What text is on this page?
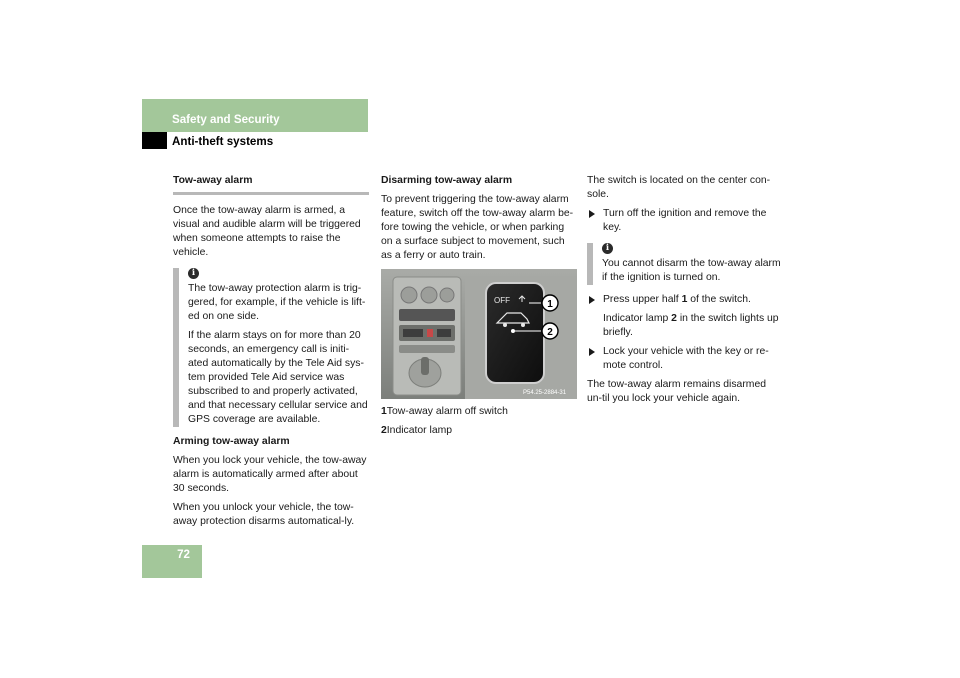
Safety and Security
Anti-theft systems

Tow-away alarm

Once the tow-away alarm is armed, a visual and audible alarm will be triggered when someone attempts to raise the vehicle.

i

The tow-away protection alarm is trig-gered, for example, if the vehicle is lift-ed on one side.

If the alarm stays on for more than 20 seconds, an emergency call is initi-ated automatically by the Tele Aid sys-tem provided Tele Aid service was subscribed to and properly activated, and that necessary cellular service and GPS coverage are available.

Arming tow-away alarm

When you lock your vehicle, the tow-away alarm is automatically armed after about 30 seconds.

When you unlock your vehicle, the tow-away protection disarms automatical-ly.

Disarming tow-away alarm

To prevent triggering the tow-away alarm feature, switch off the tow-away alarm be-fore towing the vehicle, or when parking on a surface subject to movement, such as a ferry or auto train.

OFF	1
2
P54.25-2884-31

1Tow-away alarm off switch

2Indicator lamp

The switch is located on the center con-sole.

Turn off the ignition and remove the key.

i

You cannot disarm the tow-away alarm if the ignition is turned on.

Press upper half 1 of the switch.

Indicator lamp 2 in the switch lights up briefly.

Lock your vehicle with the key or re-mote control.

The tow-away alarm remains disarmed un-til you lock your vehicle again.

72
